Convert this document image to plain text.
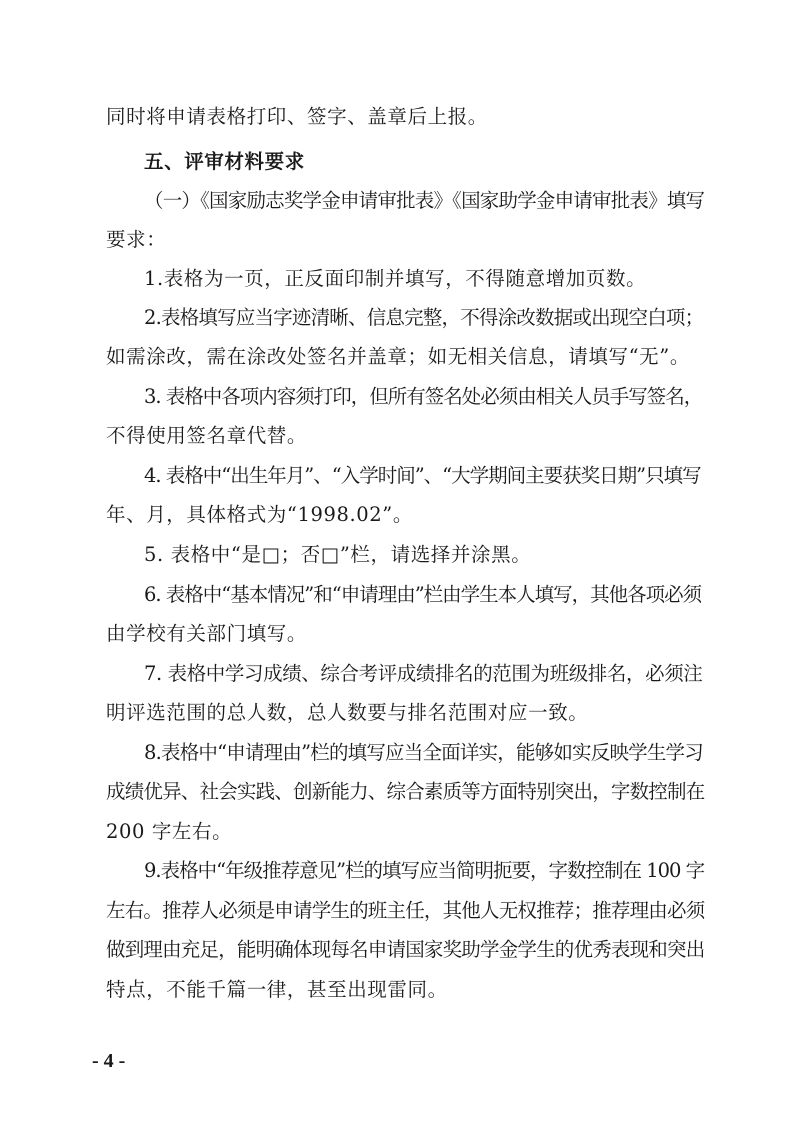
同时将申请表格打印、签字、盖章后上报。
五、评审材料要求
（一）《国家励志奖学金申请审批表》《国家助学金申请审批表》填写
要求：
1.表格为一页，正反面印制并填写，不得随意增加页数。
2.表格填写应当字迹清晰、信息完整，不得涂改数据或出现空白项；
如需涂改，需在涂改处签名并盖章；如无相关信息，请填写“无”。
3. 表格中各项内容须打印，但所有签名处必须由相关人员手写签名，
不得使用签名章代替。
4. 表格中“出生年月”、“入学时间”、“大学期间主要获奖日期”只填写
年、月，具体格式为“1998.02”。
5. 表格中“是□；否□”栏，请选择并涂黑。
6. 表格中“基本情况”和“申请理由”栏由学生本人填写，其他各项必须
由学校有关部门填写。
7. 表格中学习成绩、综合考评成绩排名的范围为班级排名，必须注
明评选范围的总人数，总人数要与排名范围对应一致。
8.表格中“申请理由”栏的填写应当全面详实，能够如实反映学生学习
成绩优异、社会实践、创新能力、综合素质等方面特别突出，字数控制在
200 字左右。
9.表格中“年级推荐意见”栏的填写应当简明扼要，字数控制在 100 字
左右。推荐人必须是申请学生的班主任，其他人无权推荐；推荐理由必须
做到理由充足，能明确体现每名申请国家奖助学金学生的优秀表现和突出
特点，不能千篇一律，甚至出现雷同。
- 4 -
